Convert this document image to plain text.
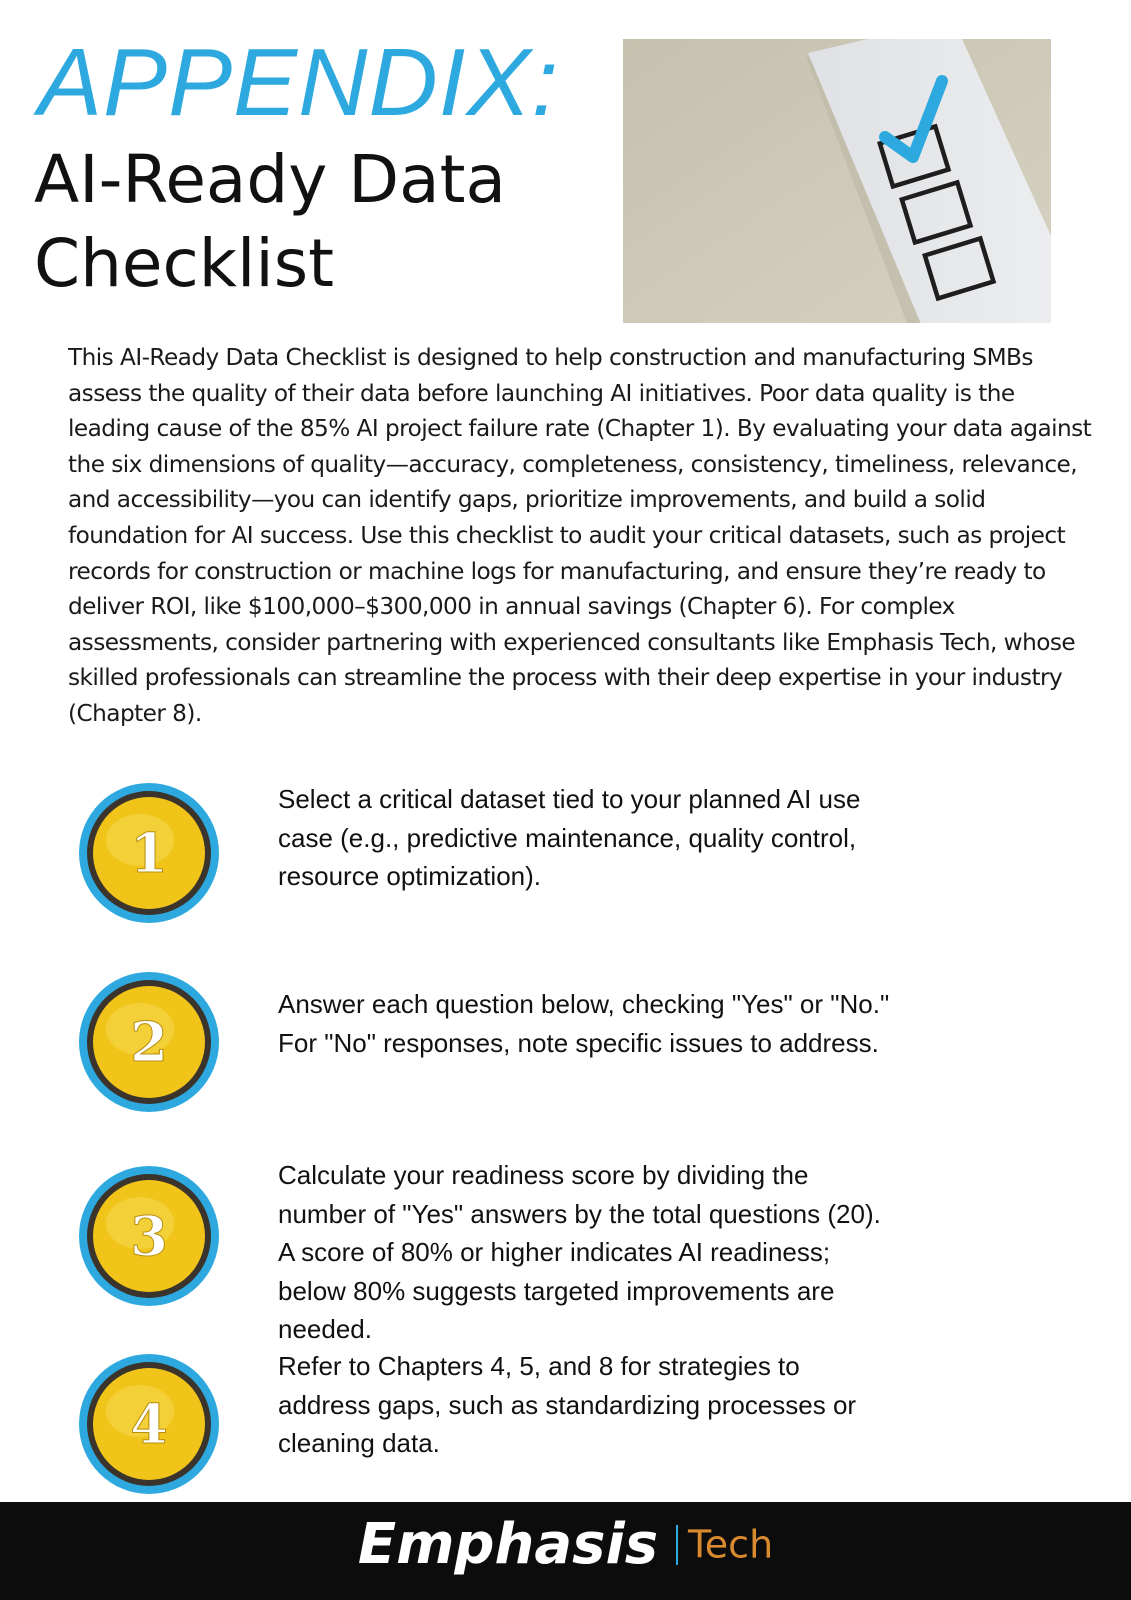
APPENDIX:
AI-Ready Data Checklist
This AI-Ready Data Checklist is designed to help construction and manufacturing SMBs assess the quality of their data before launching AI initiatives. Poor data quality is the leading cause of the 85% AI project failure rate (Chapter 1). By evaluating your data against the six dimensions of quality—accuracy, completeness, consistency, timeliness, relevance, and accessibility—you can identify gaps, prioritize improvements, and build a solid foundation for AI success. Use this checklist to audit your critical datasets, such as project records for construction or machine logs for manufacturing, and ensure they’re ready to deliver ROI, like $100,000–$300,000 in annual savings (Chapter 6). For complex assessments, consider partnering with experienced consultants like Emphasis Tech, whose skilled professionals can streamline the process with their deep expertise in your industry (Chapter 8).
1
Select a critical dataset tied to your planned AI use case (e.g., predictive maintenance, quality control, resource optimization).
2
Answer each question below, checking "Yes" or "No." For "No" responses, note specific issues to address.
3
Calculate your readiness score by dividing the number of "Yes" answers by the total questions (20). A score of 80% or higher indicates AI readiness; below 80% suggests targeted improvements are needed.
4
Refer to Chapters 4, 5, and 8 for strategies to address gaps, such as standardizing processes or cleaning data.
Emphasis Tech
